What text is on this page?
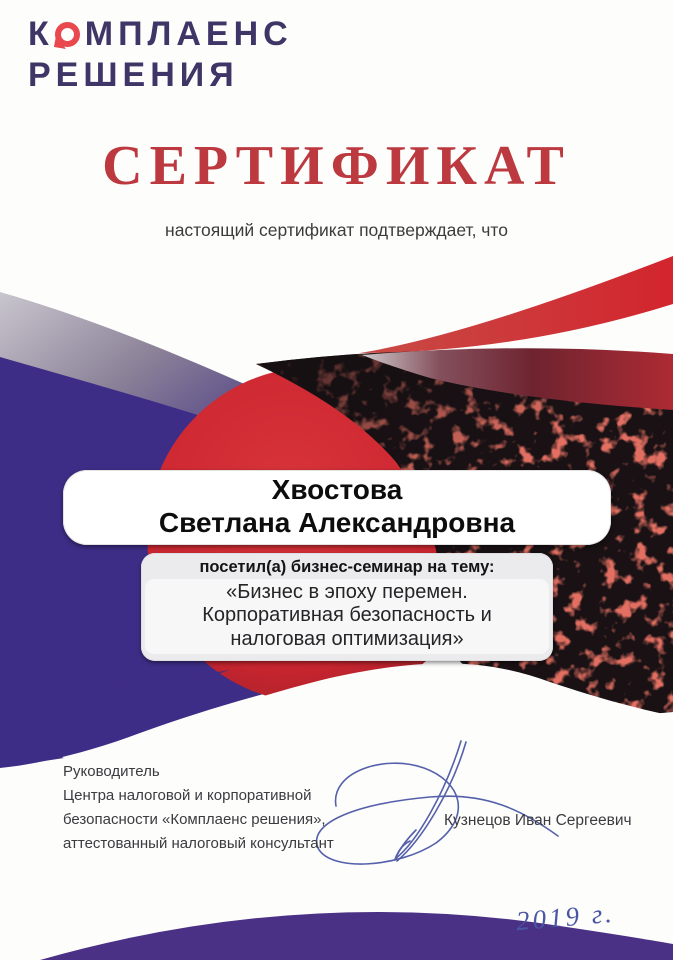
К МПЛАЕНС
РЕШЕНИЯ
СЕРТИФИКАТ
настоящий сертификат подтверждает, что
Хвостова
Светлана Александровна
посетил(а) бизнес-семинар на тему:
«Бизнес в эпоху перемен.
Корпоративная безопасность и
налоговая оптимизация»
Руководитель
Центра налоговой и корпоративной
безопасности «Комплаенс решения»,
аттестованный налоговый консультант
Кузнецов Иван Сергеевич
2019 г.
